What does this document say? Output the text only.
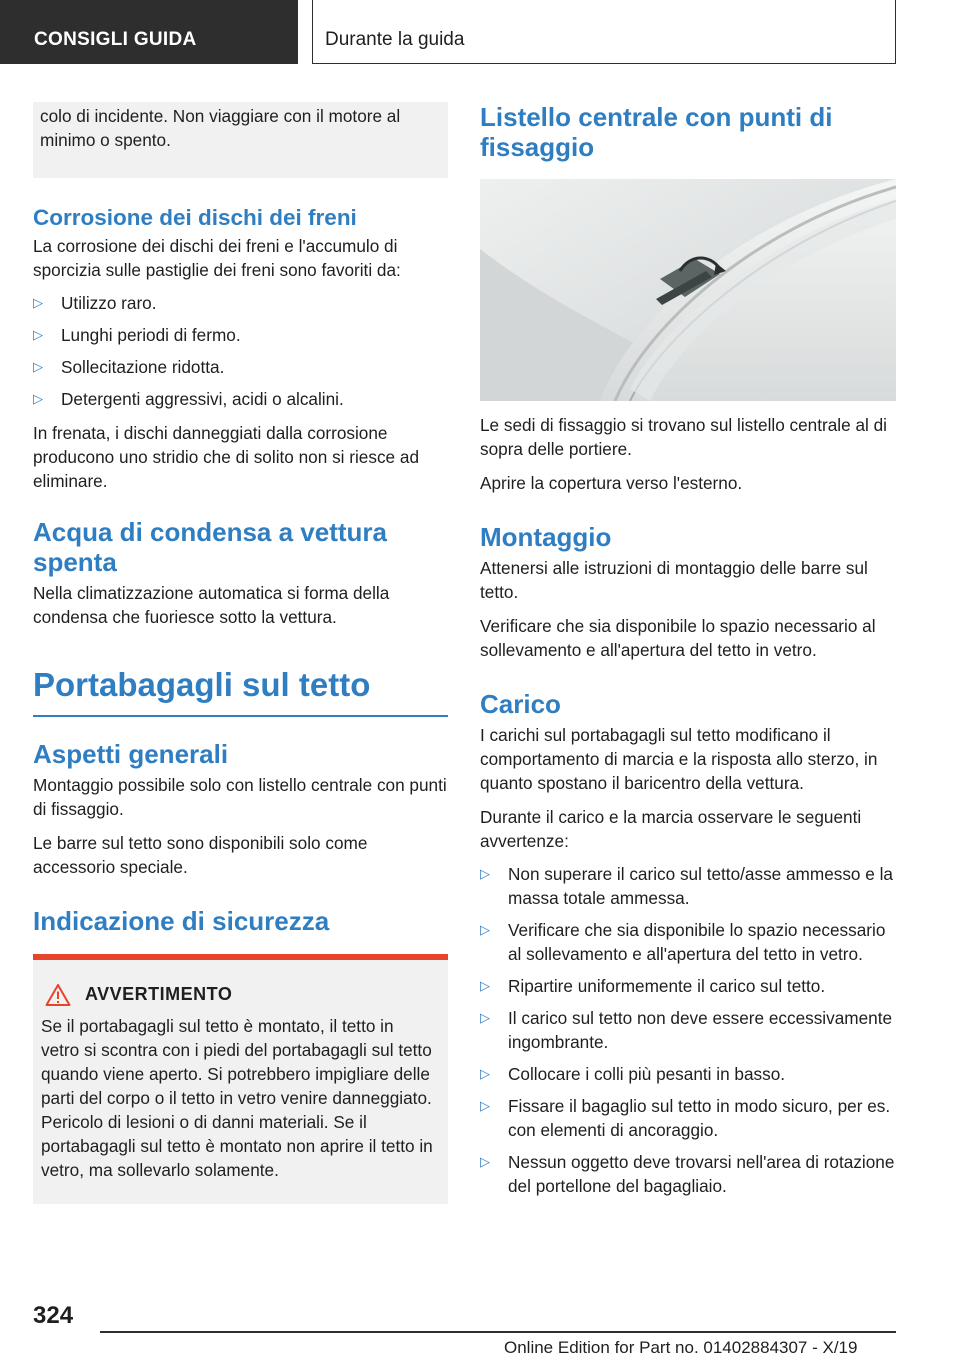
CONSIGLI GUIDA	Durante la guida

colo di incidente. Non viaggiare con il motore al minimo o spento.

Corrosione dei dischi dei freni

La corrosione dei dischi dei freni e l'accumulo di sporcizia sulle pastiglie dei freni sono favoriti da:

▷ Utilizzo raro.
▷ Lunghi periodi di fermo.
▷ Sollecitazione ridotta.
▷ Detergenti aggressivi, acidi o alcalini.

In frenata, i dischi danneggiati dalla corrosione producono uno stridio che di solito non si riesce ad eliminare.

Acqua di condensa a vettura spenta

Nella climatizzazione automatica si forma della condensa che fuoriesce sotto la vettura.

Portabagagli sul tetto
Aspetti generali

Montaggio possibile solo con listello centrale con punti di fissaggio.

Le barre sul tetto sono disponibili solo come accessorio speciale.

Indicazione di sicurezza
AVVERTIMENTO

Se il portabagagli sul tetto è montato, il tetto in vetro si scontra con i piedi del portabagagli sul tetto quando viene aperto. Si potrebbero impigliare delle parti del corpo o il tetto in vetro venire danneggiato. Pericolo di lesioni o di danni materiali. Se il portabagagli sul tetto è montato non aprire il tetto in vetro, ma sollevarlo solamente.

Listello centrale con punti di fissaggio

Le sedi di fissaggio si trovano sul listello centrale al di sopra delle portiere.

Aprire la copertura verso l'esterno.

Montaggio

Attenersi alle istruzioni di montaggio delle barre sul tetto.

Verificare che sia disponibile lo spazio necessario al sollevamento e all'apertura del tetto in vetro.

Carico

I carichi sul portabagagli sul tetto modificano il comportamento di marcia e la risposta allo sterzo, in quanto spostano il baricentro della vettura.

Durante il carico e la marcia osservare le seguenti avvertenze:

▷ Non superare il carico sul tetto/asse ammesso e la massa totale ammessa.
▷ Verificare che sia disponibile lo spazio necessario al sollevamento e all'apertura del tetto in vetro.
▷ Ripartire uniformemente il carico sul tetto.
▷ Il carico sul tetto non deve essere eccessivamente ingombrante.
▷ Collocare i colli più pesanti in basso.
▷ Fissare il bagaglio sul tetto in modo sicuro, per es. con elementi di ancoraggio.
▷ Nessun oggetto deve trovarsi nell'area di rotazione del portellone del bagagliaio.
324
Online Edition for Part no. 01402884307 - X/19
